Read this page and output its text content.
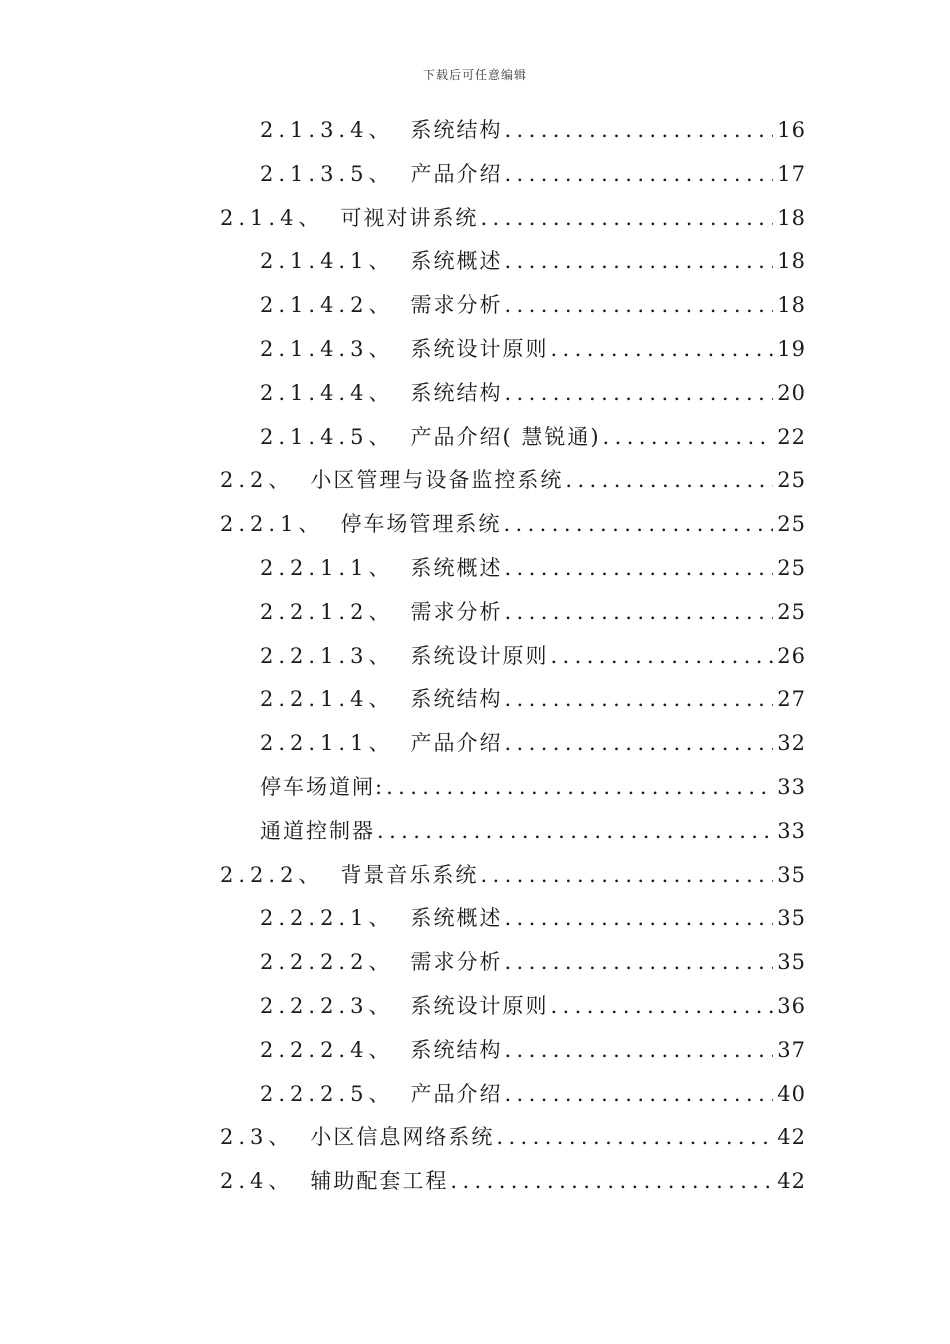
下载后可任意编辑
2.1.3.4、 系统结构 .....	16
2.1.3.5、 产品介绍 .....	17
2.1.4、 可视对讲系统 .....	18
2.1.4.1、 系统概述 .....	18
2.1.4.2、 需求分析 .....	18
2.1.4.3、 系统设计原则 .....	19
2.1.4.4、 系统结构 .....	20
2.1.4.5、 产品介绍( 慧锐通) .....	22
2.2、 小区管理与设备监控系统 .....	25
2.2.1、 停车场管理系统 .....	25
2.2.1.1、 系统概述 .....	25
2.2.1.2、 需求分析 .....	25
2.2.1.3、 系统设计原则 .....	26
2.2.1.4、 系统结构 .....	27
2.2.1.1、 产品介绍 .....	32
停车场道闸: .....	33
通道控制器 .....	33
2.2.2、 背景音乐系统 .....	35
2.2.2.1、 系统概述 .....	35
2.2.2.2、 需求分析 .....	35
2.2.2.3、 系统设计原则 .....	36
2.2.2.4、 系统结构 .....	37
2.2.2.5、 产品介绍 .....	40
2.3、 小区信息网络系统 .....	42
2.4、 辅助配套工程 .....	42
